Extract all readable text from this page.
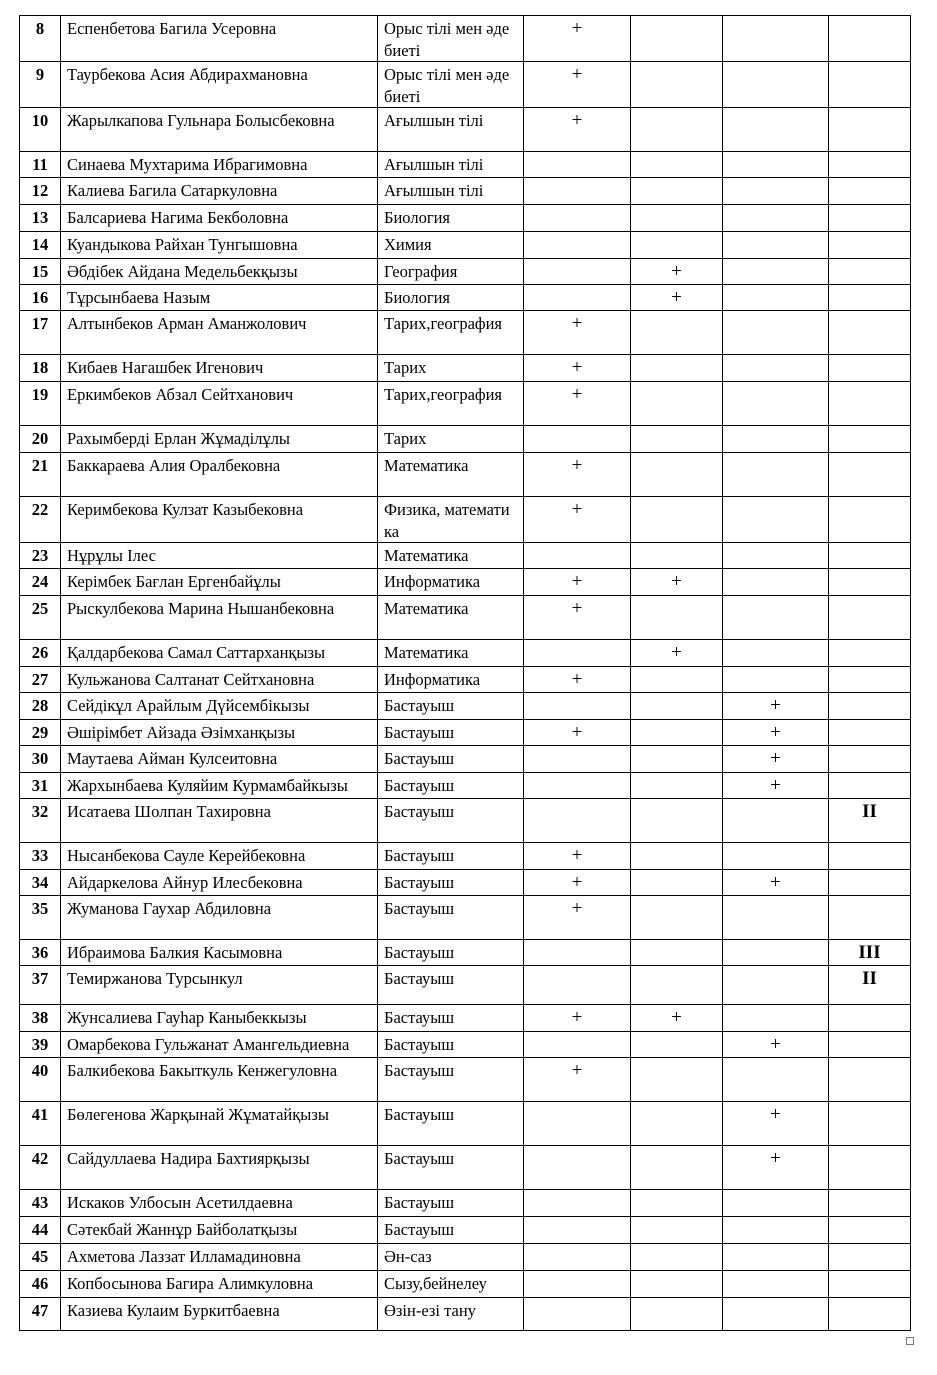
8	Еспенбетова Багила Усеровна	Орыс тілі мен әдебиеті	+			
9	Таурбекова Асия Абдирахмановна	Орыс тілі мен әдебиеті	+			
10	Жарылкапова Гульнара Болысбековна	Ағылшын тілі	+			
11	Синаева Мухтарима Ибрагимовна	Ағылшын тілі				
12	Калиева Багила Сатаркуловна	Ағылшын тілі				
13	Балсариева Нагима Бекболовна	Биология				
14	Куандыкова Райхан Тунгышовна	Химия				
15	Әбдібек Айдана Медельбекқызы	География		+		
16	Тұрсынбаева Назым	Биология		+		
17	Алтынбеков Арман Аманжолович	Тарих,география	+			
18	Кибаев Нагашбек Игенович	Тарих	+			
19	Еркимбеков Абзал Сейтханович	Тарих,география	+			
20	Рахымберді Ерлан Жұмаділұлы	Тарих				
21	Баккараева Алия Оралбековна	Математика	+			
22	Керимбекова Кулзат Казыбековна	Физика, математика	+			
23	Нұрұлы Ілес	Математика				
24	Керімбек Бағлан Ергенбайұлы	Информатика	+	+		
25	Рыскулбекова Марина Нышанбековна	Математика	+			
26	Қалдарбекова Самал Саттарханқызы	Математика		+		
27	Кульжанова Салтанат Сейтхановна	Информатика	+			
28	Сейдікұл Арайлым Дүйсембікызы	Бастауыш			+	
29	Әшірімбет Айзада Әзімханқызы	Бастауыш	+		+	
30	Маутаева Айман Кулсеитовна	Бастауыш			+	
31	Жархынбаева Куляйим Курмамбайкызы	Бастауыш			+	
32	Исатаева Шолпан Тахировна	Бастауыш				II
33	Нысанбекова Сауле Керейбековна	Бастауыш	+			
34	Айдаркелова Айнур Илесбековна	Бастауыш	+		+	
35	Жуманова Гаухар Абдиловна	Бастауыш	+			
36	Ибраимова Балкия Касымовна	Бастауыш				III
37	Темиржанова Турсынкул	Бастауыш				II
38	Жунсалиева Гауһар Каныбеккызы	Бастауыш	+	+		
39	Омарбекова Гульжанат Амангельдиевна	Бастауыш			+	
40	Балкибекова Бакыткуль Кенжегуловна	Бастауыш	+			
41	Бөлегенова Жарқынай Жұматайқызы	Бастауыш			+	
42	Сайдуллаева Надира Бахтиярқызы	Бастауыш			+	
43	Искаков Улбосын Асетилдаевна	Бастауыш				
44	Сәтекбай Жаннұр Байболатқызы	Бастауыш				
45	Ахметова Лаззат Илламадиновна	Ән-саз				
46	Копбосынова Багира Алимкуловна	Сызу,бейнелеу				
47	Казиева Кулаим Буркитбаевна	Өзін-езі тану				
